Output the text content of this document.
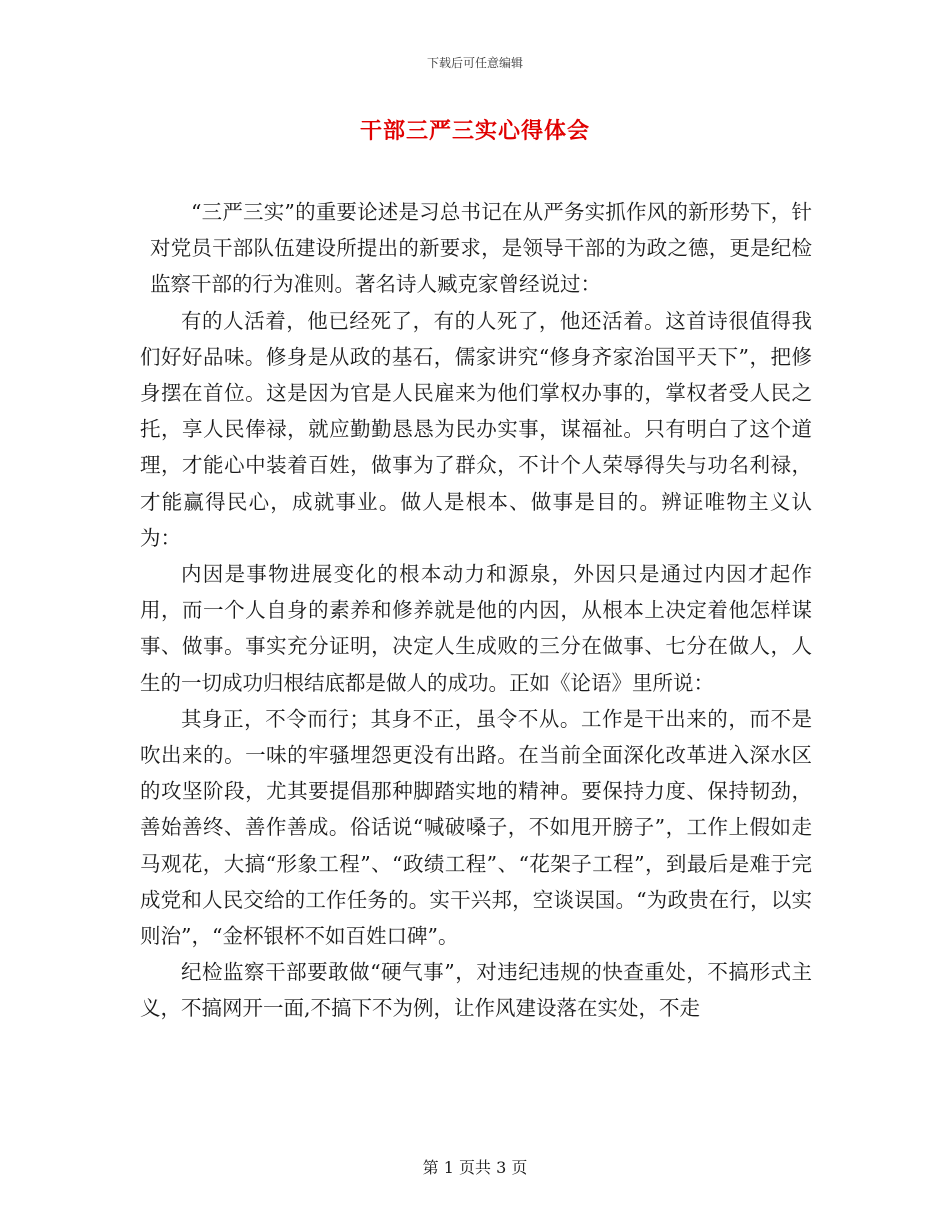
下载后可任意编辑
干部三严三实心得体会

“三严三实”的重要论述是习总书记在从严务实抓作风的新形势下，针对党员干部队伍建设所提出的新要求，是领导干部的为政之德，更是纪检监察干部的行为准则。著名诗人臧克家曾经说过：

有的人活着，他已经死了，有的人死了，他还活着。这首诗很值得我们好好品味。修身是从政的基石，儒家讲究“修身齐家治国平天下”，把修身摆在首位。这是因为官是人民雇来为他们掌权办事的，掌权者受人民之托，享人民俸禄，就应勤勤恳恳为民办实事，谋福祉。只有明白了这个道理，才能心中装着百姓，做事为了群众，不计个人荣辱得失与功名利禄，才能赢得民心，成就事业。做人是根本、做事是目的。辨证唯物主义认为：

内因是事物进展变化的根本动力和源泉，外因只是通过内因才起作用，而一个人自身的素养和修养就是他的内因，从根本上决定着他怎样谋事、做事。事实充分证明，决定人生成败的三分在做事、七分在做人，人生的一切成功归根结底都是做人的成功。正如《论语》里所说：

其身正，不令而行；其身不正，虽令不从。工作是干出来的，而不是吹出来的。一味的牢骚埋怨更没有出路。在当前全面深化改革进入深水区的攻坚阶段，尤其要提倡那种脚踏实地的精神。要保持力度、保持韧劲，善始善终、善作善成。俗话说“喊破嗓子，不如甩开膀子”，工作上假如走马观花，大搞“形象工程”、“政绩工程”、“花架子工程”，到最后是难于完成党和人民交给的工作任务的。实干兴邦，空谈误国。“为政贵在行，以实则治”，“金杯银杯不如百姓口碑”。

纪检监察干部要敢做“硬气事”，对违纪违规的快查重处，不搞形式主义，不搞网开一面,不搞下不为例，让作风建设落在实处，不走

第 1 页共 3 页
